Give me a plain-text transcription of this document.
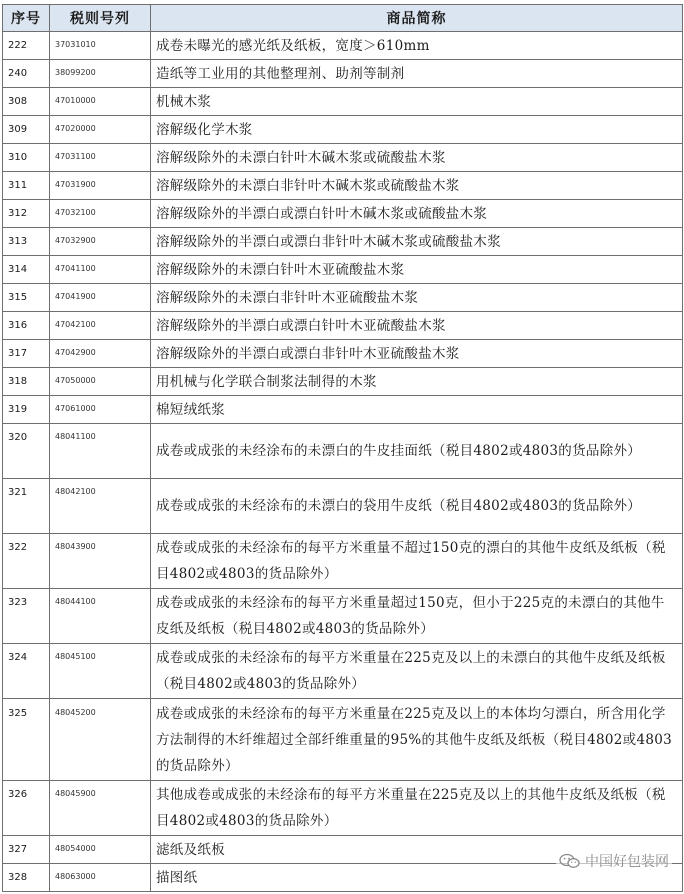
序号	税则号列	商品简称
222	37031010	成卷未曝光的感光纸及纸板，宽度＞610mm
240	38099200	造纸等工业用的其他整理剂、助剂等制剂
308	47010000	机械木浆
309	47020000	溶解级化学木浆
310	47031100	溶解级除外的未漂白针叶木碱木浆或硫酸盐木浆
311	47031900	溶解级除外的未漂白非针叶木碱木浆或硫酸盐木浆
312	47032100	溶解级除外的半漂白或漂白针叶木碱木浆或硫酸盐木浆
313	47032900	溶解级除外的半漂白或漂白非针叶木碱木浆或硫酸盐木浆
314	47041100	溶解级除外的未漂白针叶木亚硫酸盐木浆
315	47041900	溶解级除外的未漂白非针叶木亚硫酸盐木浆
316	47042100	溶解级除外的半漂白或漂白针叶木亚硫酸盐木浆
317	47042900	溶解级除外的半漂白或漂白非针叶木亚硫酸盐木浆
318	47050000	用机械与化学联合制浆法制得的木浆
319	47061000	棉短绒纸浆
320	48041100	成卷或成张的未经涂布的未漂白的牛皮挂面纸（税目4802或4803的货品除外）
321	48042100	成卷或成张的未经涂布的未漂白的袋用牛皮纸（税目4802或4803的货品除外）
322	48043900	成卷或成张的未经涂布的每平方米重量不超过150克的漂白的其他牛皮纸及纸板（税目4802或4803的货品除外）
323	48044100	成卷或成张的未经涂布的每平方米重量超过150克，但小于225克的未漂白的其他牛皮纸及纸板（税目4802或4803的货品除外）
324	48045100	成卷或成张的未经涂布的每平方米重量在225克及以上的未漂白的其他牛皮纸及纸板（税目4802或4803的货品除外）
325	48045200	成卷或成张的未经涂布的每平方米重量在225克及以上的本体均匀漂白，所含用化学方法制得的木纤维超过全部纤维重量的95%的其他牛皮纸及纸板（税目4802或4803的货品除外）
326	48045900	其他成卷或成张的未经涂布的每平方米重量在225克及以上的其他牛皮纸及纸板（税目4802或4803的货品除外）
327	48054000	滤纸及纸板
328	48063000	描图纸
中国好包装网
